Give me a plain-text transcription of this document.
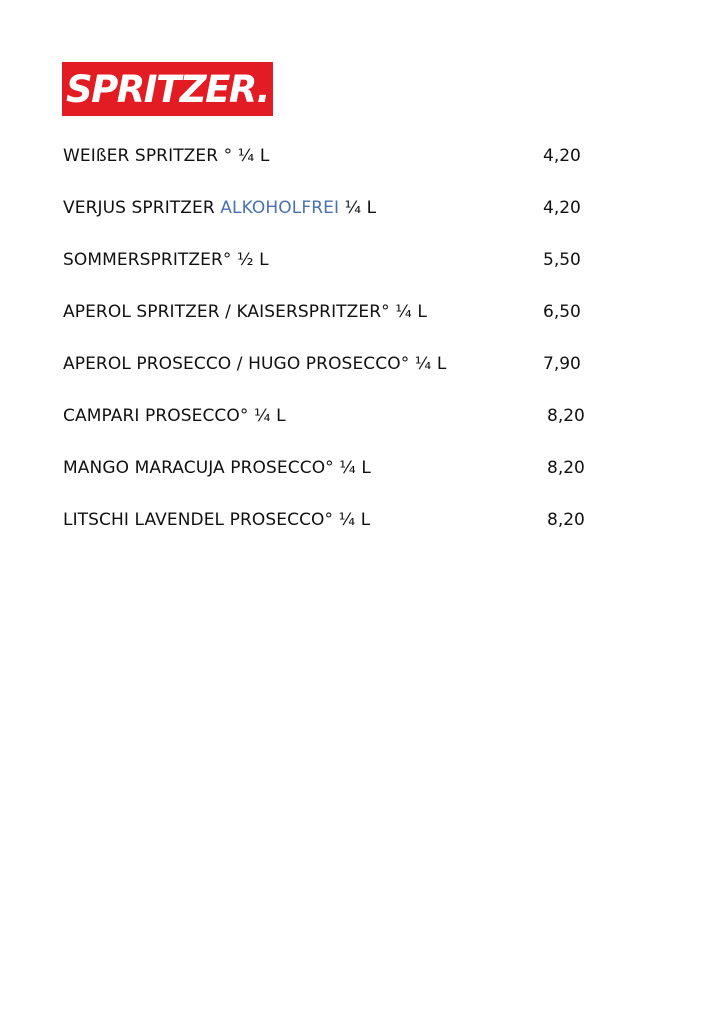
SPRITZER.
WEIßER SPRITZER ° ¼ L	4,20
VERJUS SPRITZER ALKOHOLFREI ¼ L	4,20
SOMMERSPRITZER° ½ L	5,50
APEROL SPRITZER / KAISERSPRITZER° ¼ L	6,50
APEROL PROSECCO / HUGO PROSECCO° ¼ L	7,90
CAMPARI PROSECCO° ¼ L	8,20
MANGO MARACUJA PROSECCO° ¼ L	8,20
LITSCHI LAVENDEL PROSECCO° ¼ L	8,20
